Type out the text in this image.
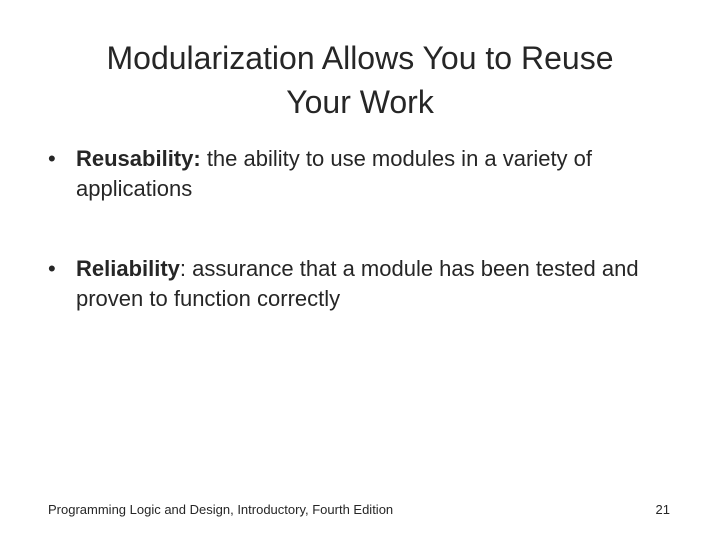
Modularization Allows You to Reuse
Your Work
• Reusability: the ability to use modules in a variety of applications
• Reliability: assurance that a module has been tested and proven to function correctly
Programming Logic and Design, Introductory, Fourth Edition	21
